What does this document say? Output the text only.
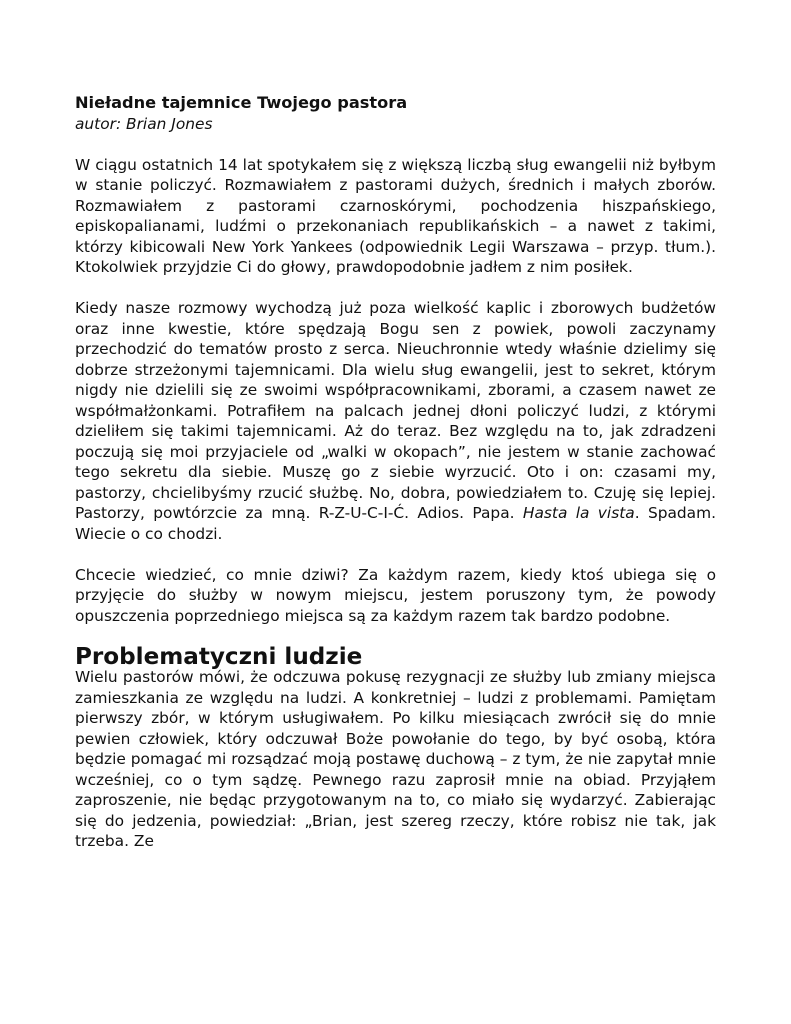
Nieładne tajemnice Twojego pastora

autor: Brian Jones

W ciągu ostatnich 14 lat spotykałem się z większą liczbą sług ewangelii niż byłbym w stanie policzyć. Rozmawiałem z pastorami dużych, średnich i małych zborów. Rozmawiałem z pastorami czarnoskórymi, pochodzenia hiszpańskiego, episkopalianami, ludźmi o przekonaniach republikańskich – a nawet z takimi, którzy kibicowali New York Yankees (odpowiednik Legii Warszawa – przyp. tłum.). Ktokolwiek przyjdzie Ci do głowy, prawdopodobnie jadłem z nim posiłek.

Kiedy nasze rozmowy wychodzą już poza wielkość kaplic i zborowych budżetów oraz inne kwestie, które spędzają Bogu sen z powiek, powoli zaczynamy przechodzić do tematów prosto z serca. Nieuchronnie wtedy właśnie dzielimy się dobrze strzeżonymi tajemnicami. Dla wielu sług ewangelii, jest to sekret, którym nigdy nie dzielili się ze swoimi współpracownikami, zborami, a czasem nawet ze współmałżonkami. Potrafiłem na palcach jednej dłoni policzyć ludzi, z którymi dzieliłem się takimi tajemnicami. Aż do teraz. Bez względu na to, jak zdradzeni poczują się moi przyjaciele od „walki w okopach”, nie jestem w stanie zachować tego sekretu dla siebie. Muszę go z siebie wyrzucić. Oto i on: czasami my, pastorzy, chcielibyśmy rzucić służbę. No, dobra, powiedziałem to. Czuję się lepiej. Pastorzy, powtórzcie za mną. R-Z-U-C-I-Ć. Adios. Papa. Hasta la vista. Spadam. Wiecie o co chodzi.

Chcecie wiedzieć, co mnie dziwi? Za każdym razem, kiedy ktoś ubiega się o przyjęcie do służby w nowym miejscu, jestem poruszony tym, że powody opuszczenia poprzedniego miejsca są za każdym razem tak bardzo podobne.

Problematyczni ludzie

Wielu pastorów mówi, że odczuwa pokusę rezygnacji ze służby lub zmiany miejsca zamieszkania ze względu na ludzi. A konkretniej – ludzi z problemami. Pamiętam pierwszy zbór, w którym usługiwałem. Po kilku miesiącach zwrócił się do mnie pewien człowiek, który odczuwał Boże powołanie do tego, by być osobą, która będzie pomagać mi rozsądzać moją postawę duchową – z tym, że nie zapytał mnie wcześniej, co o tym sądzę. Pewnego razu zaprosił mnie na obiad. Przyjąłem zaproszenie, nie będąc przygotowanym na to, co miało się wydarzyć. Zabierając się do jedzenia, powiedział: „Brian, jest szereg rzeczy, które robisz nie tak, jak trzeba. Ze
